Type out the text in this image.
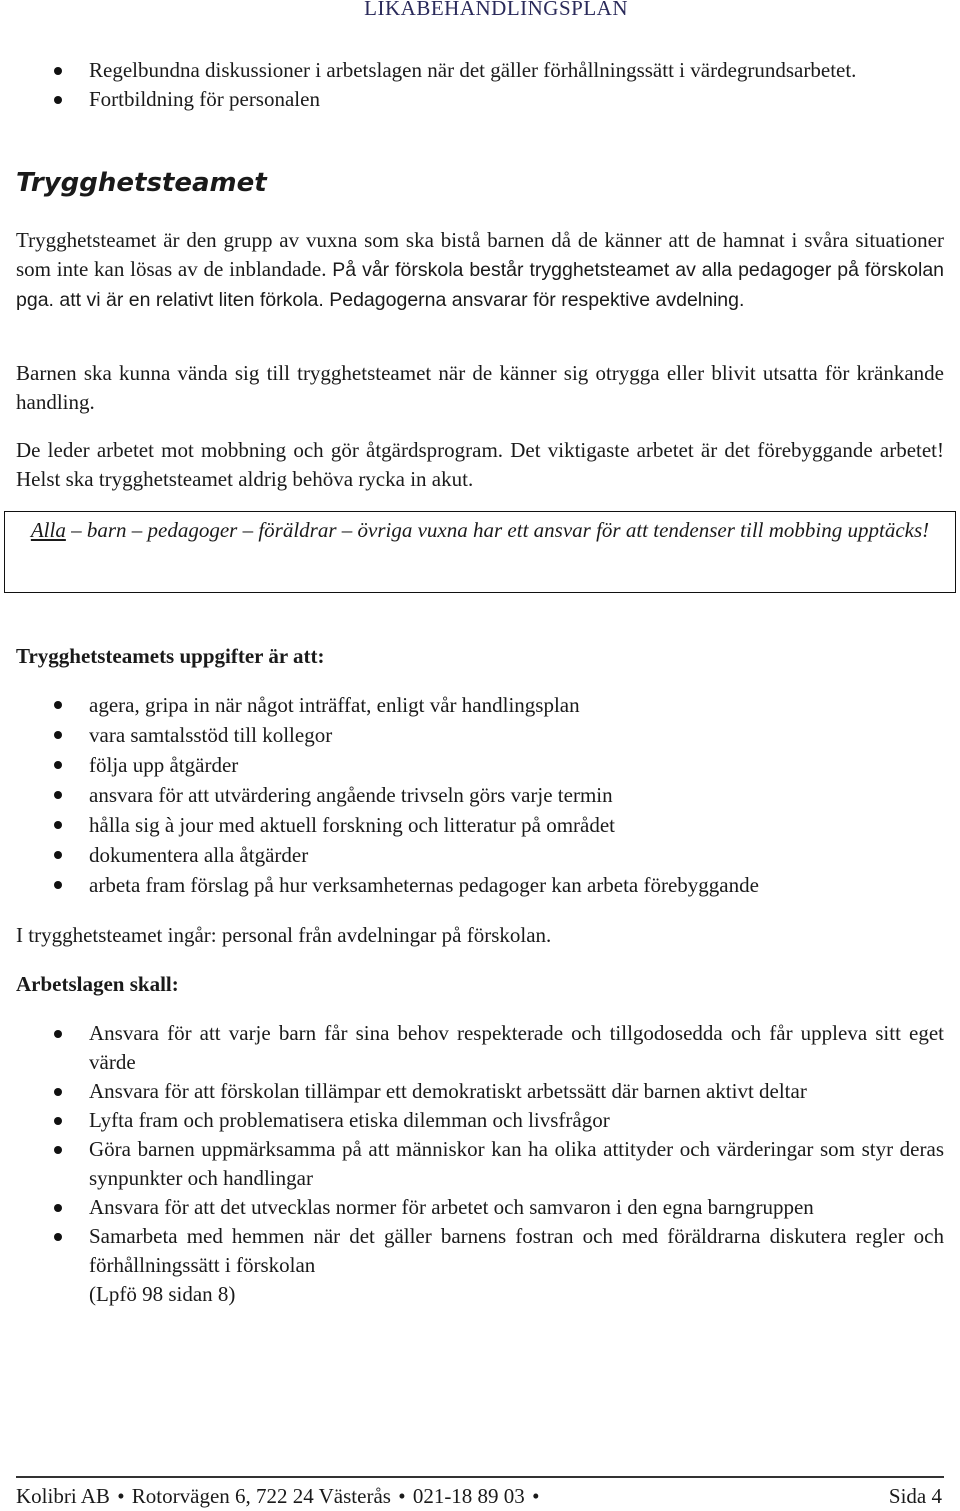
LIKABEHANDLINGSPLAN
Regelbundna diskussioner i arbetslagen när det gäller förhållningssätt i värdegrundsarbetet.
Fortbildning för personalen
Trygghetsteamet

Trygghetsteamet är den grupp av vuxna som ska bistå barnen då de känner att de hamnat i svåra situationer som inte kan lösas av de inblandade. På vår förskola består trygghetsteamet av alla pedagoger på förskolan pga. att vi är en relativt liten förkola. Pedagogerna ansvarar för respektive avdelning.

Barnen ska kunna vända sig till trygghetsteamet när de känner sig otrygga eller blivit utsatta för kränkande handling.

De leder arbetet mot mobbning och gör åtgärdsprogram. Det viktigaste arbetet är det förebyggande arbetet! Helst ska trygghetsteamet aldrig behöva rycka in akut.

Alla – barn – pedagoger – föräldrar – övriga vuxna har ett ansvar för att tendenser till mobbing upptäcks!

Trygghetsteamets uppgifter är att:

agera, gripa in när något inträffat, enligt vår handlingsplan
vara samtalsstöd till kollegor
följa upp åtgärder
ansvara för att utvärdering angående trivseln görs varje termin
hålla sig à jour med aktuell forskning och litteratur på området
dokumentera alla åtgärder
arbeta fram förslag på hur verksamheternas pedagoger kan arbeta förebyggande

I trygghetsteamet ingår: personal från avdelningar på förskolan.

Arbetslagen skall:

Ansvara för att varje barn får sina behov respekterade och tillgodosedda och får uppleva sitt eget värde
Ansvara för att förskolan tillämpar ett demokratiskt arbetssätt där barnen aktivt deltar
Lyfta fram och problematisera etiska dilemman och livsfrågor
Göra barnen uppmärksamma på att människor kan ha olika attityder och värderingar som styr deras synpunkter och handlingar
Ansvara för att det utvecklas normer för arbetet och samvaron i den egna barngruppen
Samarbeta med hemmen när det gäller barnens fostran och med föräldrarna diskutera regler och förhållningssätt i förskolan

(Lpfö 98 sidan 8)

Kolibri AB • Rotorvägen 6, 722 24 Västerås • 021-18 89 03 •	Sida 4
